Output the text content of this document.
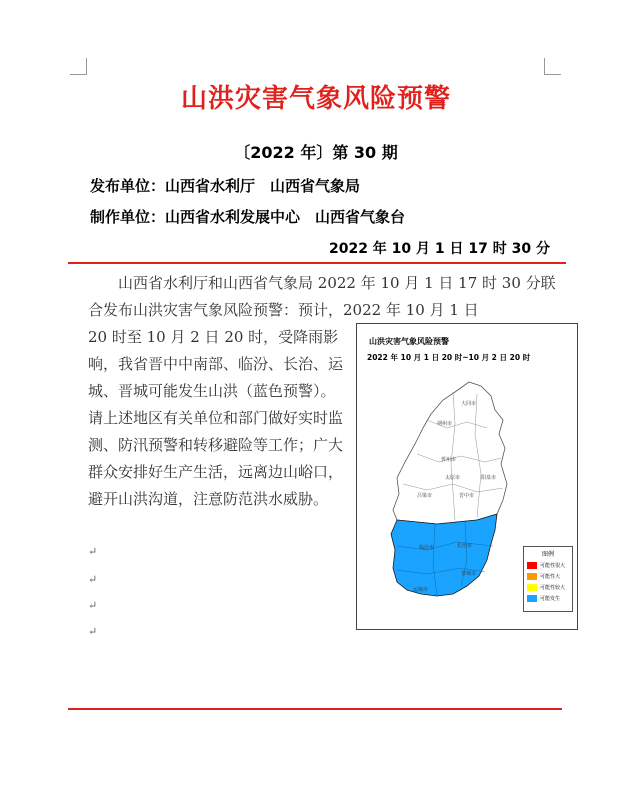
山洪灾害气象风险预警
〔2022 年〕第 30 期
发布单位：山西省水利厅　山西省气象局
制作单位：山西省水利发展中心　山西省气象台
2022 年 10 月 1 日 17 时 30 分
　　山西省水利厅和山西省气象局 2022 年 10 月 1 日 17 时 30 分联合发布山洪灾害气象风险预警：预计，2022 年 10 月 1 日
20 时至 10 月 2 日 20 时，受降雨影响，我省晋中中南部、临汾、长治、运城、晋城可能发生山洪（蓝色预警）。请上述地区有关单位和部门做好实时监测、防汛预警和转移避险等工作；广大群众安排好生产生活，远离边山峪口，避开山洪沟道，注意防范洪水威胁。
↵
↵
↵
↵
山洪灾害气象风险预警
2022 年 10 月 1 日 20 时~10 月 2 日 20 时
大同市
朔州市
忻州市
太原市	阳泉市
吕梁市	晋中市
临汾市	长治市
晋城市
运城市
图例
可能性很大
可能性大
可能性较大
可能发生
